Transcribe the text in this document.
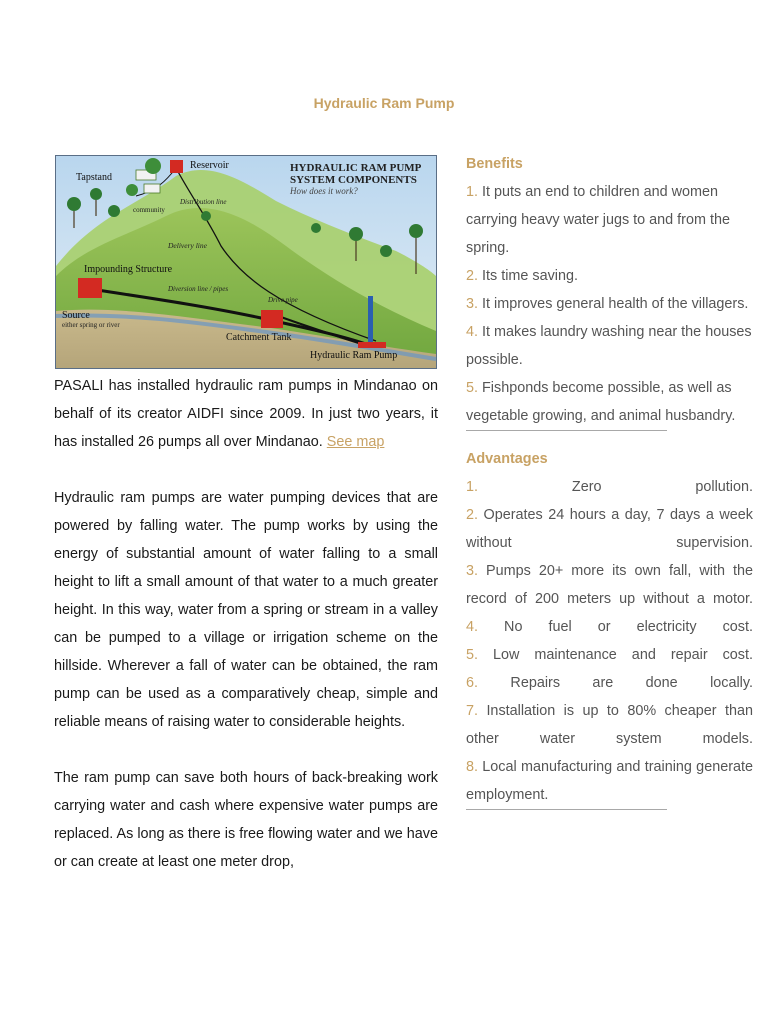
Hydraulic Ram Pump
HYDRAULIC RAM PUMP
SYSTEM COMPONENTS
How does it work?
Tapstand
Reservoir
community
Distribution line
Delivery line
Impounding Structure
Diversion line / pipes
Drive pipe
Source
either spring or river
Catchment Tank
Hydraulic Ram Pump

PASALI has installed hydraulic ram pumps in Mindanao on behalf of its creator AIDFI since 2009. In just two years, it has installed 26 pumps all over Mindanao. See map

Hydraulic ram pumps are water pumping devices that are powered by falling water. The pump works by using the energy of substantial amount of water falling to a small height to lift a small amount of that water to a much greater height. In this way, water from a spring or stream in a valley can be pumped to a village or irrigation scheme on the hillside. Wherever a fall of water can be obtained, the ram pump can be used as a comparatively cheap, simple and reliable means of raising water to considerable heights.

The ram pump can save both hours of back-breaking work carrying water and cash where expensive water pumps are replaced. As long as there is free flowing water and we have or can create at least one meter drop,

Benefits
1. It puts an end to children and women carrying heavy water jugs to and from the spring.
2. Its time saving.
3. It improves general health of the villagers.
4. It makes laundry washing near the houses possible.
5. Fishponds become possible, as well as vegetable growing, and animal husbandry.
Advantages
1. Zero pollution.
2. Operates 24 hours a day, 7 days a week without supervision.
3. Pumps 20+ more its own fall, with the record of 200 meters up without a motor.
4. No fuel or electricity cost.
5. Low maintenance and repair cost.
6. Repairs are done locally.
7. Installation is up to 80% cheaper than other water system models.
8. Local manufacturing and training generate employment.
